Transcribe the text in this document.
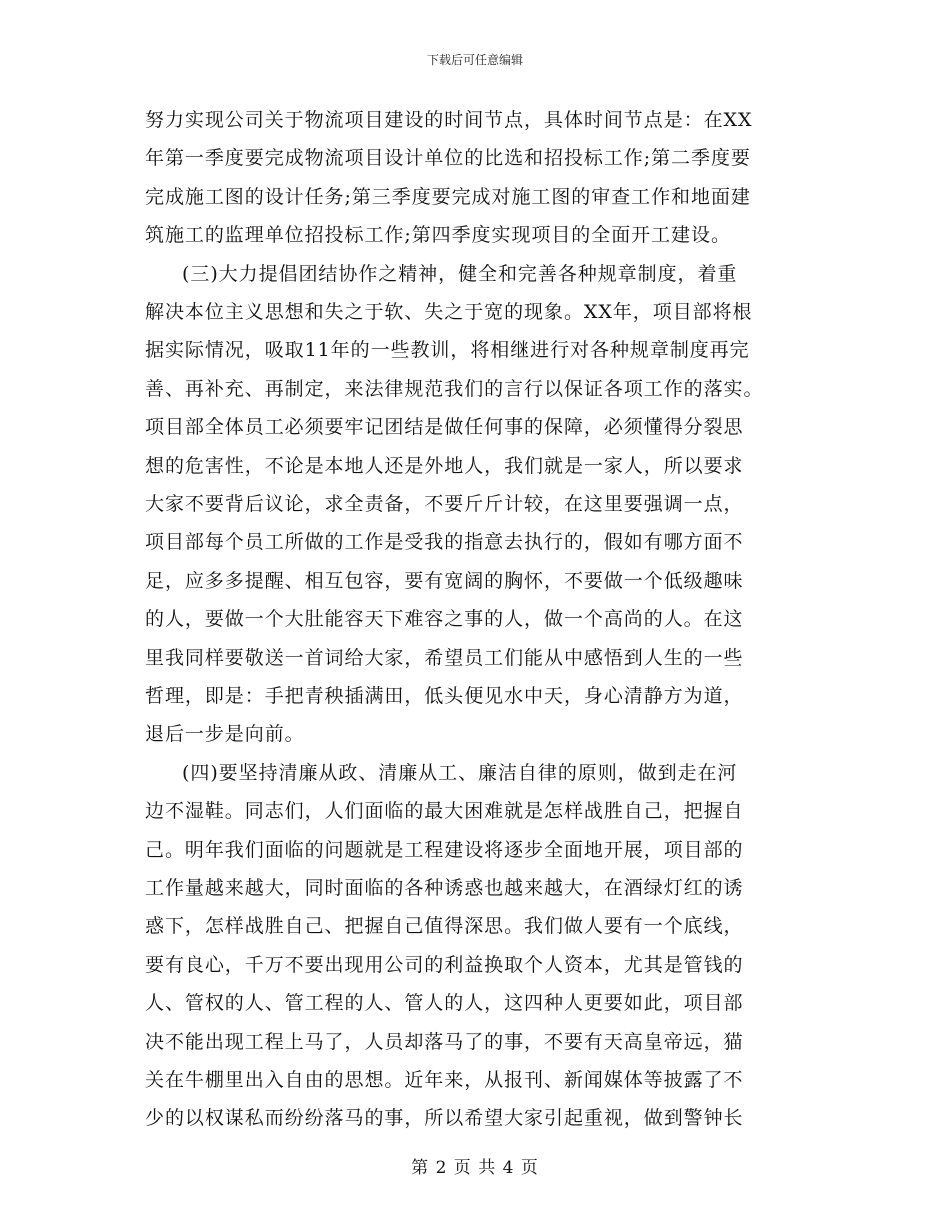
下载后可任意编辑
努力实现公司关于物流项目建设的时间节点，具体时间节点是：在XX
年第一季度要完成物流项目设计单位的比选和招投标工作;第二季度要
完成施工图的设计任务;第三季度要完成对施工图的审查工作和地面建
筑施工的监理单位招投标工作;第四季度实现项目的全面开工建设。
(三)大力提倡团结协作之精神，健全和完善各种规章制度，着重
解决本位主义思想和失之于软、失之于宽的现象。XX年，项目部将根
据实际情况，吸取11年的一些教训，将相继进行对各种规章制度再完
善、再补充、再制定，来法律规范我们的言行以保证各项工作的落实。
项目部全体员工必须要牢记团结是做任何事的保障，必须懂得分裂思
想的危害性，不论是本地人还是外地人，我们就是一家人，所以要求
大家不要背后议论，求全责备，不要斤斤计较，在这里要强调一点，
项目部每个员工所做的工作是受我的指意去执行的，假如有哪方面不
足，应多多提醒、相互包容，要有宽阔的胸怀，不要做一个低级趣味
的人，要做一个大肚能容天下难容之事的人，做一个高尚的人。在这
里我同样要敬送一首词给大家，希望员工们能从中感悟到人生的一些
哲理，即是：手把青秧插满田，低头便见水中天，身心清静方为道，
退后一步是向前。
(四)要坚持清廉从政、清廉从工、廉洁自律的原则，做到走在河
边不湿鞋。同志们，人们面临的最大困难就是怎样战胜自己，把握自
己。明年我们面临的问题就是工程建设将逐步全面地开展，项目部的
工作量越来越大，同时面临的各种诱惑也越来越大，在酒绿灯红的诱
惑下，怎样战胜自己、把握自己值得深思。我们做人要有一个底线，
要有良心，千万不要出现用公司的利益换取个人资本，尤其是管钱的
人、管权的人、管工程的人、管人的人，这四种人更要如此，项目部
决不能出现工程上马了，人员却落马了的事，不要有天高皇帝远，猫
关在牛棚里出入自由的思想。近年来，从报刊、新闻媒体等披露了不
少的以权谋私而纷纷落马的事，所以希望大家引起重视，做到警钟长
第 2 页 共 4 页
